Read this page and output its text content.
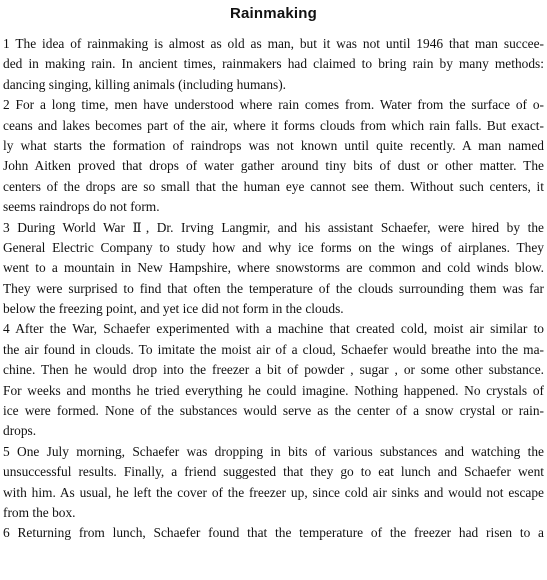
Rainmaking
1 The idea of rainmaking is almost as old as man, but it was not until 1946 that man succee-
ded in making rain. In ancient times, rainmakers had claimed to bring rain by many methods:
dancing singing, killing animals (including humans).
2 For a long time, men have understood where rain comes from. Water from the surface of o-
ceans and lakes becomes part of the air, where it forms clouds from which rain falls. But exact-
ly what starts the formation of raindrops was not known until quite recently. A man named
John Aitken proved that drops of water gather around tiny bits of dust or other matter. The
centers of the drops are so small that the human eye cannot see them. Without such centers, it
seems raindrops do not form.
3 During World War Ⅱ, Dr. Irving Langmir, and his assistant Schaefer, were hired by the
General Electric Company to study how and why ice forms on the wings of airplanes. They
went to a mountain in New Hampshire, where snowstorms are common and cold winds blow.
They were surprised to find that often the temperature of the clouds surrounding them was far
below the freezing point, and yet ice did not form in the clouds.
4 After the War, Schaefer experimented with a machine that created cold, moist air similar to
the air found in clouds. To imitate the moist air of a cloud, Schaefer would breathe into the ma-
chine. Then he would drop into the freezer a bit of powder , sugar , or some other substance.
For weeks and months he tried everything he could imagine. Nothing happened. No crystals of
ice were formed. None of the substances would serve as the center of a snow crystal or rain-
drops.
5 One July morning, Schaefer was dropping in bits of various substances and watching the
unsuccessful results. Finally, a friend suggested that they go to eat lunch and Schaefer went
with him. As usual, he left the cover of the freezer up, since cold air sinks and would not escape
from the box.
6 Returning from lunch, Schaefer found that the temperature of the freezer had risen to a
